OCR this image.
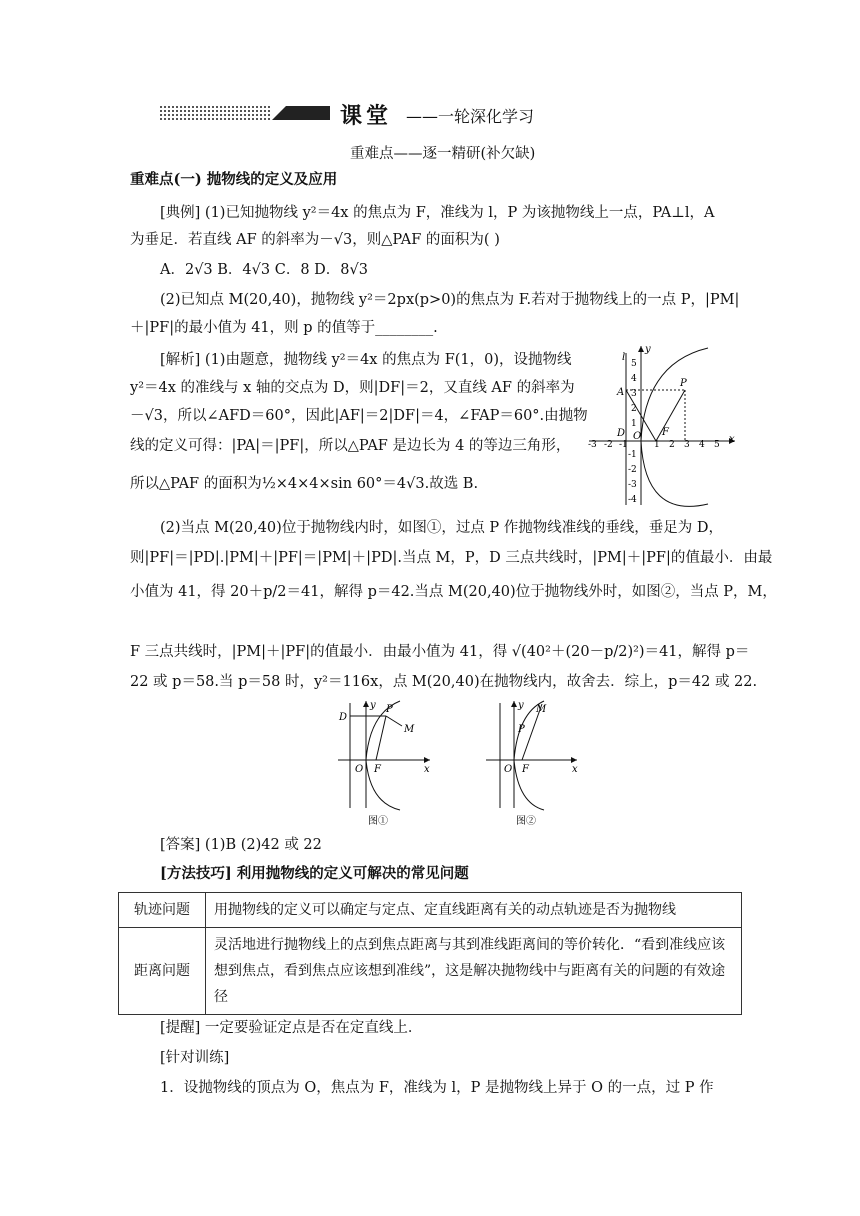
课堂 ——一轮深化学习
重难点——逐一精研(补欠缺)
重难点(一) 抛物线的定义及应用
[典例] (1)已知抛物线 y²＝4x 的焦点为 F，准线为 l，P 为该抛物线上一点，PA⊥l，A
为垂足．若直线 AF 的斜率为－√3，则△PAF 的面积为( )
A．2√3 B．4√3 C．8 D．8√3
(2)已知点 M(20,40)，抛物线 y²＝2px(p>0)的焦点为 F.若对于抛物线上的一点 P，|PM|
＋|PF|的最小值为 41，则 p 的值等于________.
[解析] (1)由题意，抛物线 y²＝4x 的焦点为 F(1，0)，设抛物线
y²＝4x 的准线与 x 轴的交点为 D，则|DF|＝2，又直线 AF 的斜率为
－√3，所以∠AFD＝60°，因此|AF|＝2|DF|＝4，∠FAP＝60°.由抛物
线的定义可得：|PA|＝|PF|，所以△PAF 是边长为 4 的等边三角形，
所以△PAF 的面积为½×4×4×sin 60°＝4√3.故选 B.
x
y
l
A
P
D O F
-3 -2 -1	1 2 3 4 5
5
4
3
2
1
-1
-2
-3
-4
(2)当点 M(20,40)位于抛物线内时，如图①，过点 P 作抛物线准线的垂线，垂足为 D，
则|PF|＝|PD|.|PM|＋|PF|＝|PM|＋|PD|.当点 M，P，D 三点共线时，|PM|＋|PF|的值最小．由最
小值为 41，得 20＋p/2＝41，解得 p＝42.当点 M(20,40)位于抛物线外时，如图②，当点 P，M，
F 三点共线时，|PM|＋|PF|的值最小．由最小值为 41，得 √(40²＋(20－p/2)²)＝41，解得 p＝
22 或 p＝58.当 p＝58 时，y²＝116x，点 M(20,40)在抛物线内，故舍去．综上，p＝42 或 22.
D
y P
M
O F	x
图①
y M
P
O F	x
图②
[答案] (1)B (2)42 或 22
[方法技巧] 利用抛物线的定义可解决的常见问题
轨迹问题	用抛物线的定义可以确定与定点、定直线距离有关的动点轨迹是否为抛物线
距离问题	灵活地进行抛物线上的点到焦点距离与其到准线距离间的等价转化．“看到准线应该想到焦点，看到焦点应该想到准线”，这是解决抛物线中与距离有关的问题的有效途径
[提醒] 一定要验证定点是否在定直线上．
[针对训练]
1．设抛物线的顶点为 O，焦点为 F，准线为 l，P 是抛物线上异于 O 的一点，过 P 作
